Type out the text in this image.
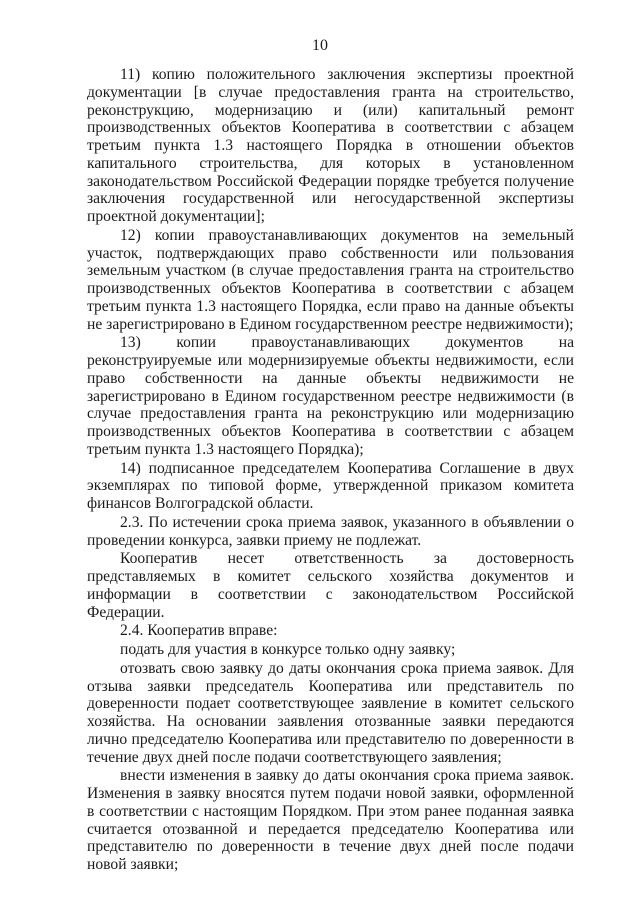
10

11) копию положительного заключения экспертизы проектной документации [в случае предоставления гранта на строительство, реконструкцию, модернизацию и (или) капитальный ремонт производственных объектов Кооператива в соответствии с абзацем третьим пункта 1.3 настоящего Порядка в отношении объектов капитального строительства, для которых в установленном законодательством Российской Федерации порядке требуется получение заключения государственной или негосударственной экспертизы проектной документации];

12) копии правоустанавливающих документов на земельный участок, подтверждающих право собственности или пользования земельным участком (в случае предоставления гранта на строительство производственных объектов Кооператива в соответствии с абзацем третьим пункта 1.3 настоящего Порядка, если право на данные объекты не зарегистрировано в Едином государственном реестре недвижимости);

13) копии правоустанавливающих документов на реконструируемые или модернизируемые объекты недвижимости, если право собственности на данные объекты недвижимости не зарегистрировано в Едином государственном реестре недвижимости (в случае предоставления гранта на реконструкцию или модернизацию производственных объектов Кооператива в соответствии с абзацем третьим пункта 1.3 настоящего Порядка);

14) подписанное председателем Кооператива Соглашение в двух экземплярах по типовой форме, утвержденной приказом комитета финансов Волгоградской области.

2.3. По истечении срока приема заявок, указанного в объявлении о проведении конкурса, заявки приему не подлежат.

Кооператив несет ответственность за достоверность представляемых в комитет сельского хозяйства документов и информации в соответствии с законодательством Российской Федерации.

2.4. Кооператив вправе:

подать для участия в конкурсе только одну заявку;

отозвать свою заявку до даты окончания срока приема заявок. Для отзыва заявки председатель Кооператива или представитель по доверенности подает соответствующее заявление в комитет сельского хозяйства. На основании заявления отозванные заявки передаются лично председателю Кооператива или представителю по доверенности в течение двух дней после подачи соответствующего заявления;

внести изменения в заявку до даты окончания срока приема заявок. Изменения в заявку вносятся путем подачи новой заявки, оформленной в соответствии с настоящим Порядком. При этом ранее поданная заявка считается отозванной и передается председателю Кооператива или представителю по доверенности в течение двух дней после подачи новой заявки;
